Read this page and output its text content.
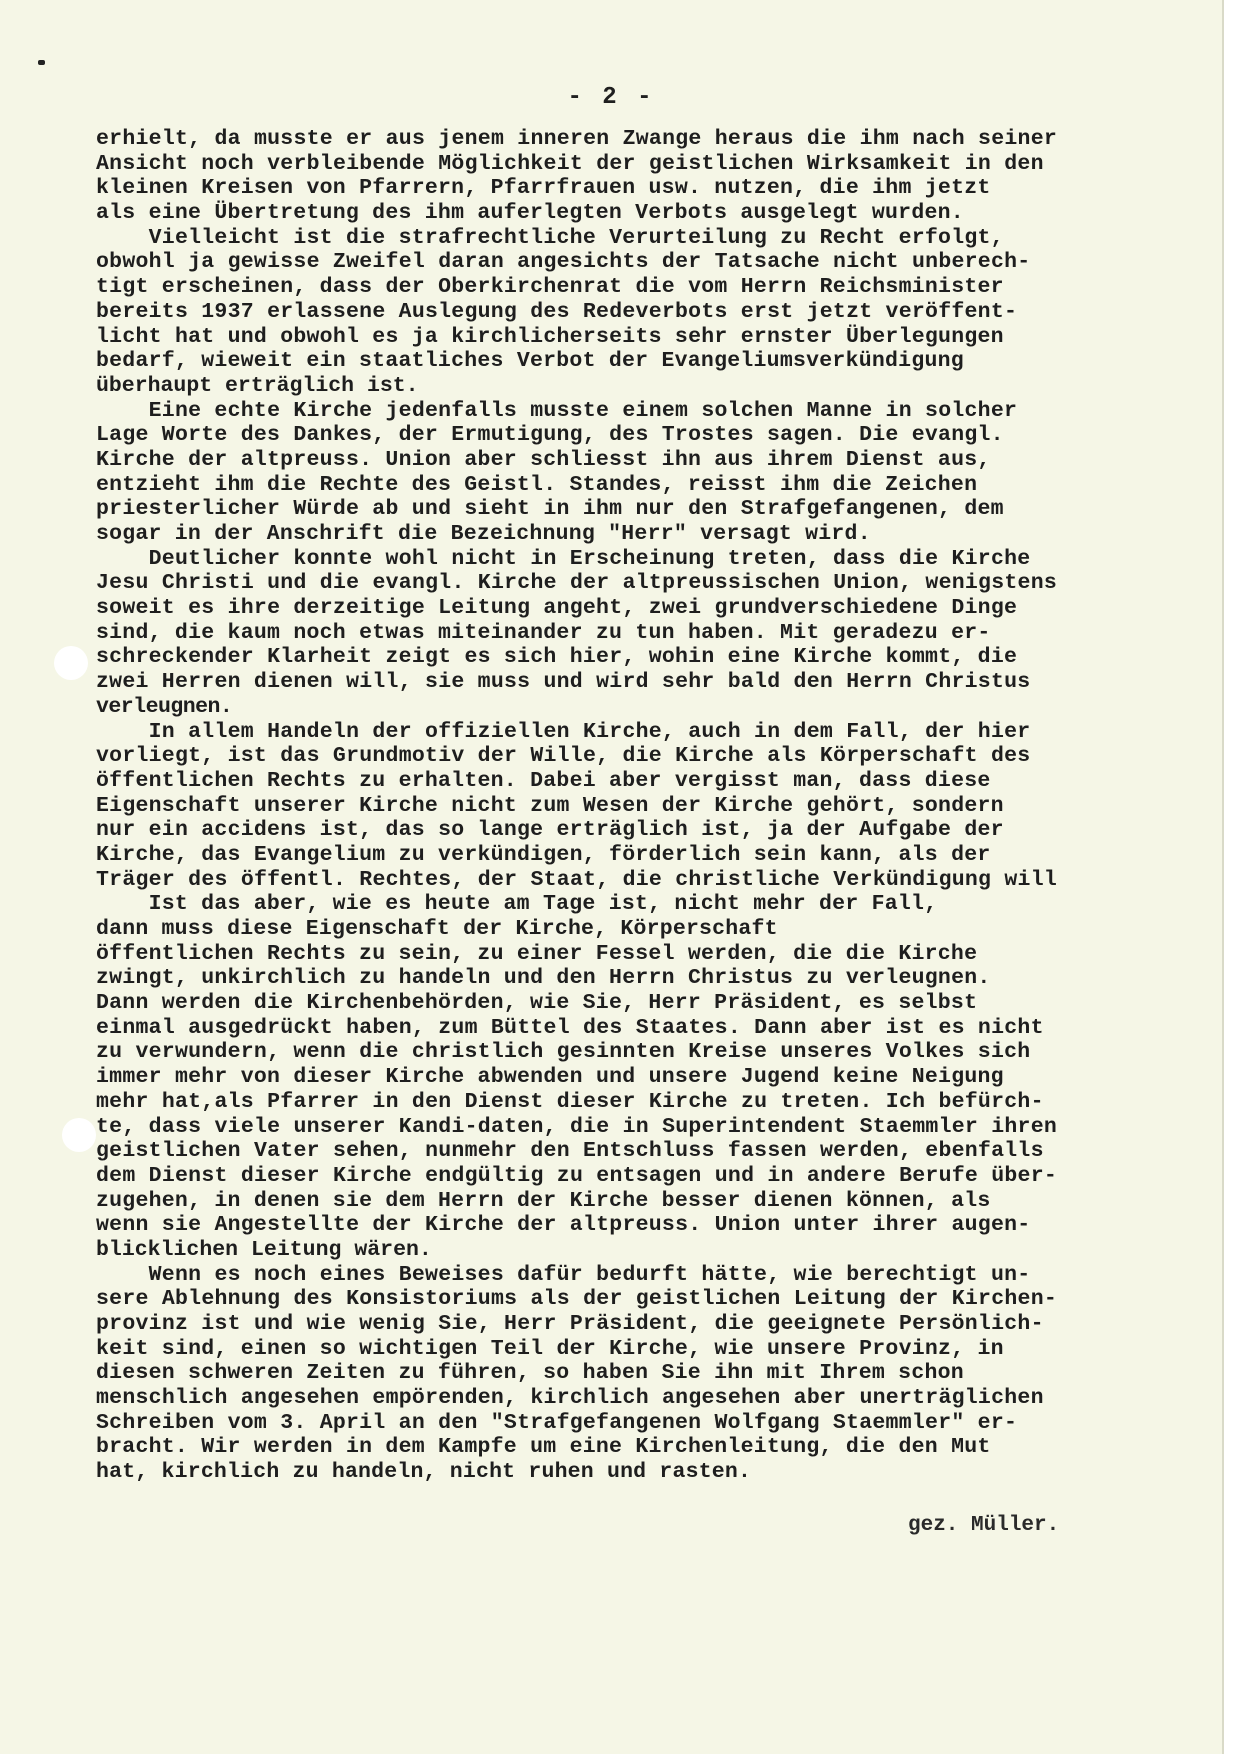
- 2 -
erhielt, da musste er aus jenem inneren Zwange heraus die ihm nach seiner
Ansicht noch verbleibende Möglichkeit der geistlichen Wirksamkeit in den
kleinen Kreisen von Pfarrern, Pfarrfrauen usw. nutzen, die ihm jetzt
als eine Übertretung des ihm auferlegten Verbots ausgelegt wurden.
Vielleicht ist die strafrechtliche Verurteilung zu Recht erfolgt,
obwohl ja gewisse Zweifel daran angesichts der Tatsache nicht unberech-
tigt erscheinen, dass der Oberkirchenrat die vom Herrn Reichsminister
bereits 1937 erlassene Auslegung des Redeverbots erst jetzt veröffent-
licht hat und obwohl es ja kirchlicherseits sehr ernster Überlegungen
bedarf, wieweit ein staatliches Verbot der Evangeliumsverkündigung
überhaupt erträglich ist.
Eine echte Kirche jedenfalls musste einem solchen Manne in solcher
Lage Worte des Dankes, der Ermutigung, des Trostes sagen. Die evangl.
Kirche der altpreuss. Union aber schliesst ihn aus ihrem Dienst aus,
entzieht ihm die Rechte des Geistl. Standes, reisst ihm die Zeichen
priesterlicher Würde ab und sieht in ihm nur den Strafgefangenen, dem
sogar in der Anschrift die Bezeichnung "Herr" versagt wird.
Deutlicher konnte wohl nicht in Erscheinung treten, dass die Kirche
Jesu Christi und die evangl. Kirche der altpreussischen Union, wenigstens
soweit es ihre derzeitige Leitung angeht, zwei grundverschiedene Dinge
sind, die kaum noch etwas miteinander zu tun haben. Mit geradezu er-
schreckender Klarheit zeigt es sich hier, wohin eine Kirche kommt, die
zwei Herren dienen will, sie muss und wird sehr bald den Herrn Christus
verleugnen.
In allem Handeln der offiziellen Kirche, auch in dem Fall, der hier
vorliegt, ist das Grundmotiv der Wille, die Kirche als Körperschaft des
öffentlichen Rechts zu erhalten. Dabei aber vergisst man, dass diese
Eigenschaft unserer Kirche nicht zum Wesen der Kirche gehört, sondern
nur ein accidens ist, das so lange erträglich ist, ja der Aufgabe der
Kirche, das Evangelium zu verkündigen, förderlich sein kann, als der
Träger des öffentl. Rechtes, der Staat, die christliche Verkündigung will
Ist das aber, wie es heute am Tage ist, nicht mehr der Fall,
dann muss diese Eigenschaft der Kirche, Körperschaft
öffentlichen Rechts zu sein, zu einer Fessel werden, die die Kirche
zwingt, unkirchlich zu handeln und den Herrn Christus zu verleugnen.
Dann werden die Kirchenbehörden, wie Sie, Herr Präsident, es selbst
einmal ausgedrückt haben, zum Büttel des Staates. Dann aber ist es nicht
zu verwundern, wenn die christlich gesinnten Kreise unseres Volkes sich
immer mehr von dieser Kirche abwenden und unsere Jugend keine Neigung
mehr hat,als Pfarrer in den Dienst dieser Kirche zu treten. Ich befürch-
te, dass viele unserer Kandi-daten, die in Superintendent Staemmler ihren
geistlichen Vater sehen, nunmehr den Entschluss fassen werden, ebenfalls
dem Dienst dieser Kirche endgültig zu entsagen und in andere Berufe über-
zugehen, in denen sie dem Herrn der Kirche besser dienen können, als
wenn sie Angestellte der Kirche der altpreuss. Union unter ihrer augen-
blicklichen Leitung wären.
Wenn es noch eines Beweises dafür bedurft hätte, wie berechtigt un-
sere Ablehnung des Konsistoriums als der geistlichen Leitung der Kirchen-
provinz ist und wie wenig Sie, Herr Präsident, die geeignete Persönlich-
keit sind, einen so wichtigen Teil der Kirche, wie unsere Provinz, in
diesen schweren Zeiten zu führen, so haben Sie ihn mit Ihrem schon
menschlich angesehen empörenden, kirchlich angesehen aber unerträglichen
Schreiben vom 3. April an den "Strafgefangenen Wolfgang Staemmler" er-
bracht. Wir werden in dem Kampfe um eine Kirchenleitung, die den Mut
hat, kirchlich zu handeln, nicht ruhen und rasten.
gez. Müller.
